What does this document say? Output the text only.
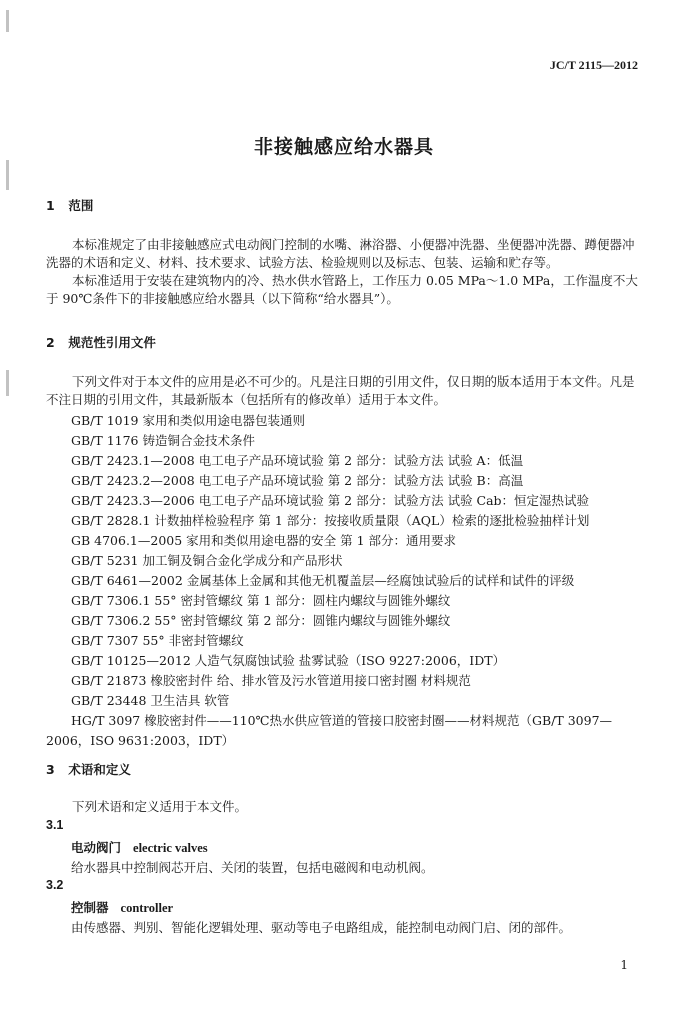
JC/T 2115—2012
非接触感应给水器具
1 范围
本标准规定了由非接触感应式电动阀门控制的水嘴、淋浴器、小便器冲洗器、坐便器冲洗器、蹲便器冲洗器的术语和定义、材料、技术要求、试验方法、检验规则以及标志、包装、运输和贮存等。
本标准适用于安装在建筑物内的冷、热水供水管路上，工作压力 0.05 MPa～1.0 MPa，工作温度不大于 90℃条件下的非接触感应给水器具（以下简称“给水器具”）。
2 规范性引用文件
下列文件对于本文件的应用是必不可少的。凡是注日期的引用文件，仅日期的版本适用于本文件。凡是不注日期的引用文件，其最新版本（包括所有的修改单）适用于本文件。
GB/T 1019 家用和类似用途电器包装通则
GB/T 1176 铸造铜合金技术条件
GB/T 2423.1—2008 电工电子产品环境试验 第 2 部分：试验方法 试验 A：低温
GB/T 2423.2—2008 电工电子产品环境试验 第 2 部分：试验方法 试验 B：高温
GB/T 2423.3—2006 电工电子产品环境试验 第 2 部分：试验方法 试验 Cab：恒定湿热试验
GB/T 2828.1 计数抽样检验程序 第 1 部分：按接收质量限（AQL）检索的逐批检验抽样计划
GB 4706.1—2005 家用和类似用途电器的安全 第 1 部分：通用要求
GB/T 5231 加工铜及铜合金化学成分和产品形状
GB/T 6461—2002 金属基体上金属和其他无机覆盖层—经腐蚀试验后的试样和试件的评级
GB/T 7306.1 55° 密封管螺纹 第 1 部分：圆柱内螺纹与圆锥外螺纹
GB/T 7306.2 55° 密封管螺纹 第 2 部分：圆锥内螺纹与圆锥外螺纹
GB/T 7307 55° 非密封管螺纹
GB/T 10125—2012 人造气氛腐蚀试验 盐雾试验（ISO 9227:2006，IDT）
GB/T 21873 橡胶密封件 给、排水管及污水管道用接口密封圈 材料规范
GB/T 23448 卫生洁具 软管
HG/T 3097 橡胶密封件——110℃热水供应管道的管接口胶密封圈——材料规范（GB/T 3097—
2006，ISO 9631:2003，IDT）
3 术语和定义
下列术语和定义适用于本文件。
3.1
电动阀门 electric valves
给水器具中控制阀芯开启、关闭的装置，包括电磁阀和电动机阀。
3.2
控制器 controller
由传感器、判别、智能化逻辑处理、驱动等电子电路组成，能控制电动阀门启、闭的部件。
1
